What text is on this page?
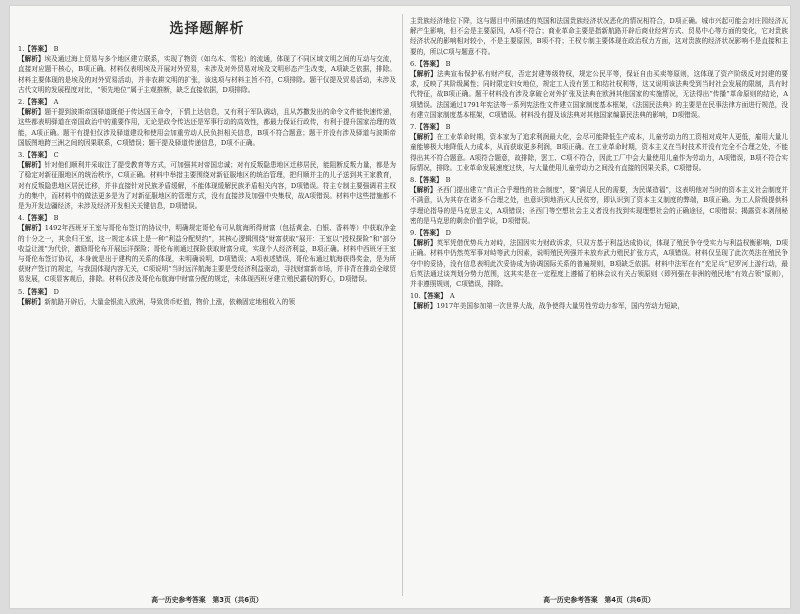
选择题解析

1.【答案】 B

【解析】埃及通过海上贸易与多个地区建立联系，实现了物资（如乌木、雪松）的流通，体现了不同区域文明之间的互动与交流，直接对应题干核心，B项正确。材料仅表明埃及开展对外贸易，未涉及对外贸易对埃及文明形态产生改变，A项缺乏依据，排除。材料主要体现的是埃及的对外贸易活动，并非农耕文明的扩张，该选项与材料主旨不符，C项排除。题干仅提及贸易活动，未涉及古代文明的发展程度对比，“领先地位”属于主观推断，缺乏直接依据，D项排除。

2.【答案】 A

【解析】题干提到波斯帝国驿道既便于传达国王命令，下情上达信息，又有利于军队调动，且从苏撒发出的命令文件能快速传递，这些都表明驿道在帝国政治中的重要作用，无论是政令传达还是军事行动的高效性，都最力保证行政传，有利于提升国家治理的效能，A项正确。题干有提但仅涉及驿道建设和使用会加重劳动人民负担相关信息，B项不符合题意；题干并没有涉及驿道与波斯帝国版图地跨三洲之间的因果联系，C项错误；题干提及驿道传递信息，D项不正确。

3.【答案】 C

【解析】针对他们顺利并采取注了提受教育等方式，可加强其对帝国忠诚；对有反叛隐患地区迁移居民，能阻断反叛力量，都是为了稳定对新征服地区的统治秩序，C项正确。材料中举措主要围绕对新征服地区的统治管理，把归顺并主的儿子送到其王家教育，对有反叛隐患地区居民迁移，并非直接针对民族矛盾缓解，不能体现缓解民族矛盾相关内容，D项错误。符主专制主要强调君主权力的集中，而材料中的做法更多是为了对新征服地区的管理方式，没有直接涉及加强中央集权，故A项错误。材料中这些措施都不是为开发边疆经济，未涉及经济开发相关关键信息，D项错误。

4.【答案】 B

【解析】1492年西班牙王室与哥伦布签订的协议中，明确规定哥伦布可从航海所得财富（包括黄金、白银、香料等）中获取净金的十分之一，其余归王室，这一规定本质上是一种“利益分配契约”，其核心逻辑围绕“财富获取”展开：王室以“授权探险”和“部分收益让渡”为代价，激励哥伦布开展远洋探险；哥伦布则通过探险获取财富分成，实现个人经济利益，B项正确。材料中西班牙王室与哥伦布签订协议，本身就是出于建构的关系的体现，未明确说明，D项错误；A项表述错误，哥伦布通过航海获得奖金，是为所获财产签订的规定，与我国体现内容无关，C项说明“当时远洋航海主要是受经济利益驱动，寻找财富新市场，并非背在推动全球贸易发展，C项显客观后，排除。材料仅涉及哥伦布航海中财富分配的规定，未体现西班牙建立殖民霸权的野心，D项错误。

5.【答案】 D

【解析】新航路开辟后，大量金银流入欧洲，导致货币贬值，物价上涨，依赖固定地租收入的领

高一历史参考答案　第3页（共6页）

主贵族经济地位下降，这与题目中所描述的英国和法国贵族经济状况恶化的情况相符合，D项正确。城市兴起可能会对庄园经济瓦解产生影响，但不会是主要原因，A项不符合；商业革命主要是指新航路开辟后商业经营方式、贸易中心等方面的变化，它对贵族经济状况的影响相对较小，不是主要原因，B项不符；王权专制主要体现在政治权力方面，这对贵族的经济状况影响不是直接和主要的，所以C项与题意不符。

6.【答案】 B

【解析】法典宣布保护私有财产权，否定封建等级特权，规定公民平等，保证自由买卖等原则，这体现了资产阶级反对封建的要求，反映了其阶级属性；同时限定妇女地位，规定工人没有罢工和结社权利等，这又说明该法典受到当时社会发展的限制，具有时代特征，故B项正确。题干材料没有涉及拿破仑对外扩张及法典在欧洲其他国家的实施情况，无法得出“传播”革命原则的结论，A项错误。法国通过1791年宪法等一系列宪法性文件建立国家制度基本框架，《法国民法典》的主要是在民事法律方面进行规范，没有建立国家制度基本框架，C项错误。材料没有提及该法典对其他国家编纂民法典的影响，D项错误。

7.【答案】 B

【解析】在工业革命时期，资本家为了追求利润最大化，会尽可能降低生产成本，儿童劳动力的工资相对成年人更低，雇用大量儿童能够极大地降低人力成本，从而获取更多利润，B项正确。在工业革命时期，资本主义在当时技术并没有完全不合理之处，不能得出其不符合题意。A项符合题意，故排除，罢工、C项不符合，因此工厂中会大量使用儿童作为劳动力，A项错误，B项不符合实际情况，排除。工业革命发展速度过快，与大量使用儿童劳动力之间没有直接的因果关系，C项错误。

8.【答案】 B

【解析】圣西门提出建立“真正合乎理性的社会制度”，要“满足人民的需要，为民谋造福”，这表明他对当时的资本主义社会制度并不满意，认为其存在诸多不合理之处，也意识到地消灭人民贫穷，即认识到了资本主义制度的弊端，B项正确。为工人阶级提供科学理论指导的是马克思主义，A项错误；圣西门等空想社会主义者没有找到实现理想社会的正确途径，C项错误；揭露资本剥削秘密的是马克思的剩余价值学说，D项错误。

9.【答案】 D

【解析】英军凭借优势兵力对峙，法国因实力财政诉求，只双方基于利益达成协议，体现了殖民争夺受实力与利益权衡影响，D项正确。材料中仍然英军事对峙等武力因素，说明殖民列强并未放弃武力殖民扩张方式，A项错误。材料仅呈现了此次英法在殖民争夺中的妥协，没有信息表明此次妥协成为协调国际关系的普遍规则，B项缺乏依据。材料中法军在有“充足兵”尼罗河上游行动，最后英法通过谈判划分势力范围，这其实是在一定程度上遵循了柏林会议有关占领原则（即列强在非洲的殖民地“有效占领”原则），并非遵照规则，C项错误，排除。

10.【答案】 A

【解析】1917年美国参加第一次世界大战，战争使得大量男性劳动力参军，国内劳动力短缺，

高一历史参考答案　第4页（共6页）
